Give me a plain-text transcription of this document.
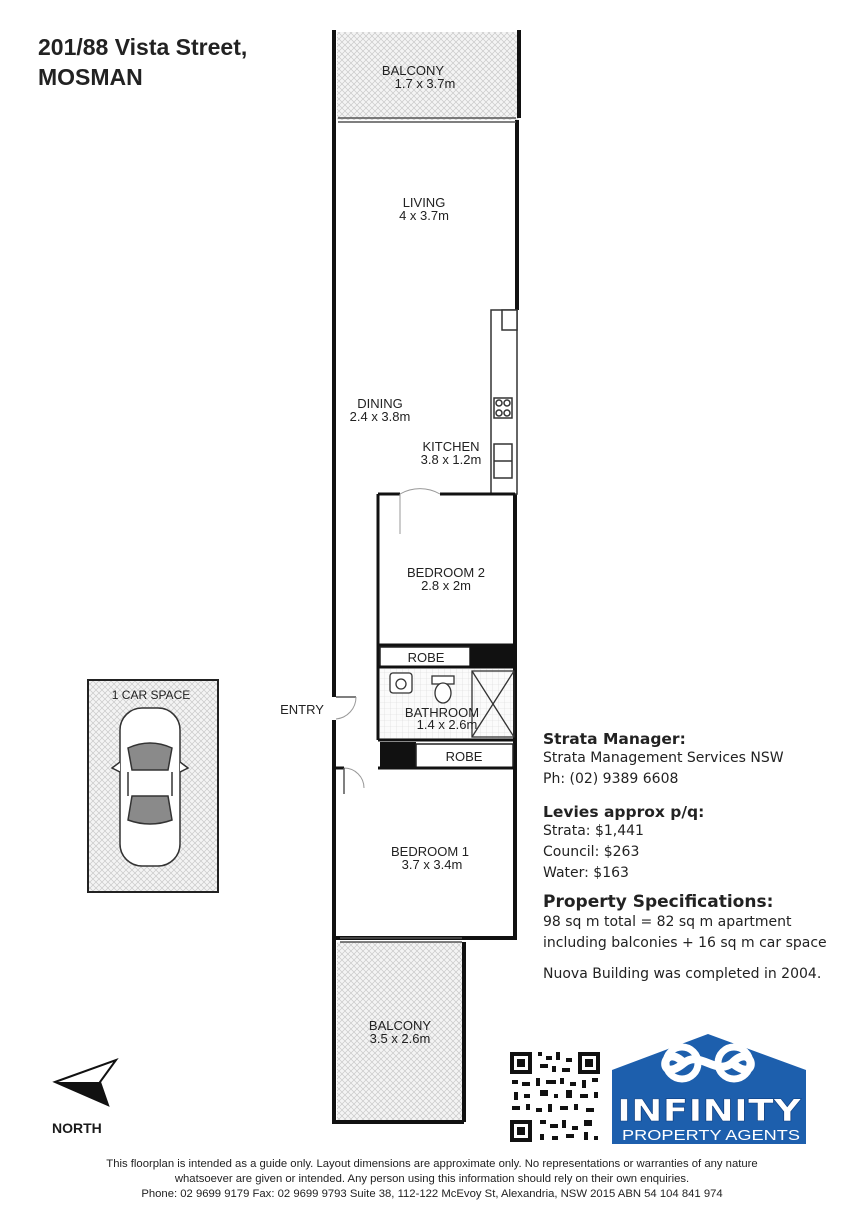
201/88 Vista Street,
MOSMAN	BALCONY
1.7 x 3.7m
LIVING
4 x 3.7m
DINING
2.4 x 3.8m
KITCHEN
3.8 x 1.2m
BEDROOM 2
2.8 x 2m
ROBE
BATHROOM
1.4 x 2.6m
ROBE
BEDROOM 1
3.7 x 3.4m
BALCONY
3.5 x 2.6m
ENTRY
1 CAR SPACE
INFINITY
PROPERTY AGENTS
Strata Manager:
Strata Management Services NSW
Ph: (02) 9389 6608
Levies approx p/q:
Strata: $1,441
Council: $263
Water: $163
Property Specifications:
98 sq m total = 82 sq m apartment
including balconies + 16 sq m car space
Nuova Building was completed in 2004.
NORTH
This floorplan is intended as a guide only. Layout dimensions are approximate only. No representations or warranties of any nature
whatsoever are given or intended. Any person using this information should rely on their own enquiries.
Phone: 02 9699 9179 Fax: 02 9699 9793 Suite 38, 112-122 McEvoy St, Alexandria, NSW 2015 ABN 54 104 841 974
